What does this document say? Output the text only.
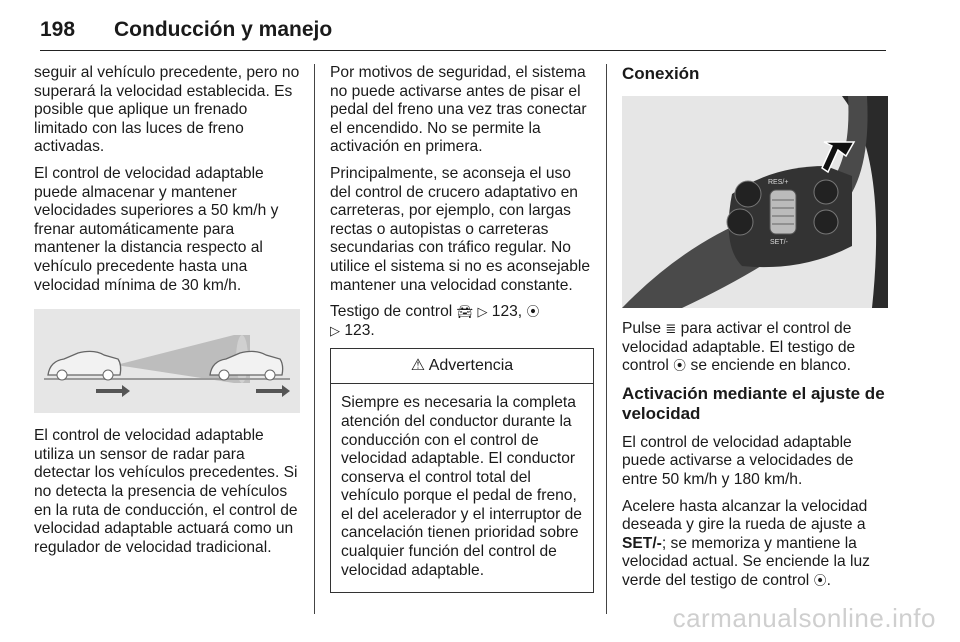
198 Conducción y manejo

seguir al vehículo precedente, pero no superará la velocidad establecida. Es posible que aplique un frenado limitado con las luces de freno activadas.

El control de velocidad adaptable puede almacenar y mantener velocidades superiores a 50 km/h y frenar automáticamente para mantener la distancia respecto al vehículo precedente hasta una velocidad mínima de 30 km/h.

El control de velocidad adaptable utiliza un sensor de radar para detectar los vehículos precedentes. Si no detecta la presencia de vehículos en la ruta de conducción, el control de velocidad adaptable actuará como un regulador de velocidad tradicional.

Por motivos de seguridad, el sistema no puede activarse antes de pisar el pedal del freno una vez tras conectar el encendido. No se permite la activación en primera.

Principalmente, se aconseja el uso del control de crucero adaptativo en carreteras, por ejemplo, con largas rectas o autopistas o carreteras secundarias con tráfico regular. No utilice el sistema si no es aconsejable mantener una velocidad constante.

Testigo de control 🚘︎ ▷ 123, ⦿
▷ 123.

⚠ Advertencia
Siempre es necesaria la completa atención del conductor durante la conducción con el control de velocidad adaptable. El conductor conserva el control total del vehículo porque el pedal de freno, el del acelerador y el interruptor de cancelación tienen prioridad sobre cualquier función del control de velocidad adaptable.
Conexión
RES/+
SET/-

Pulse ≣ para activar el control de velocidad adaptable. El testigo de control ⦿ se enciende en blanco.

Activación mediante el ajuste de velocidad

El control de velocidad adaptable puede activarse a velocidades de entre 50 km/h y 180 km/h.

Acelere hasta alcanzar la velocidad deseada y gire la rueda de ajuste a SET/-; se memoriza y mantiene la velocidad actual. Se enciende la luz verde del testigo de control ⦿.

carmanualsonline.info
